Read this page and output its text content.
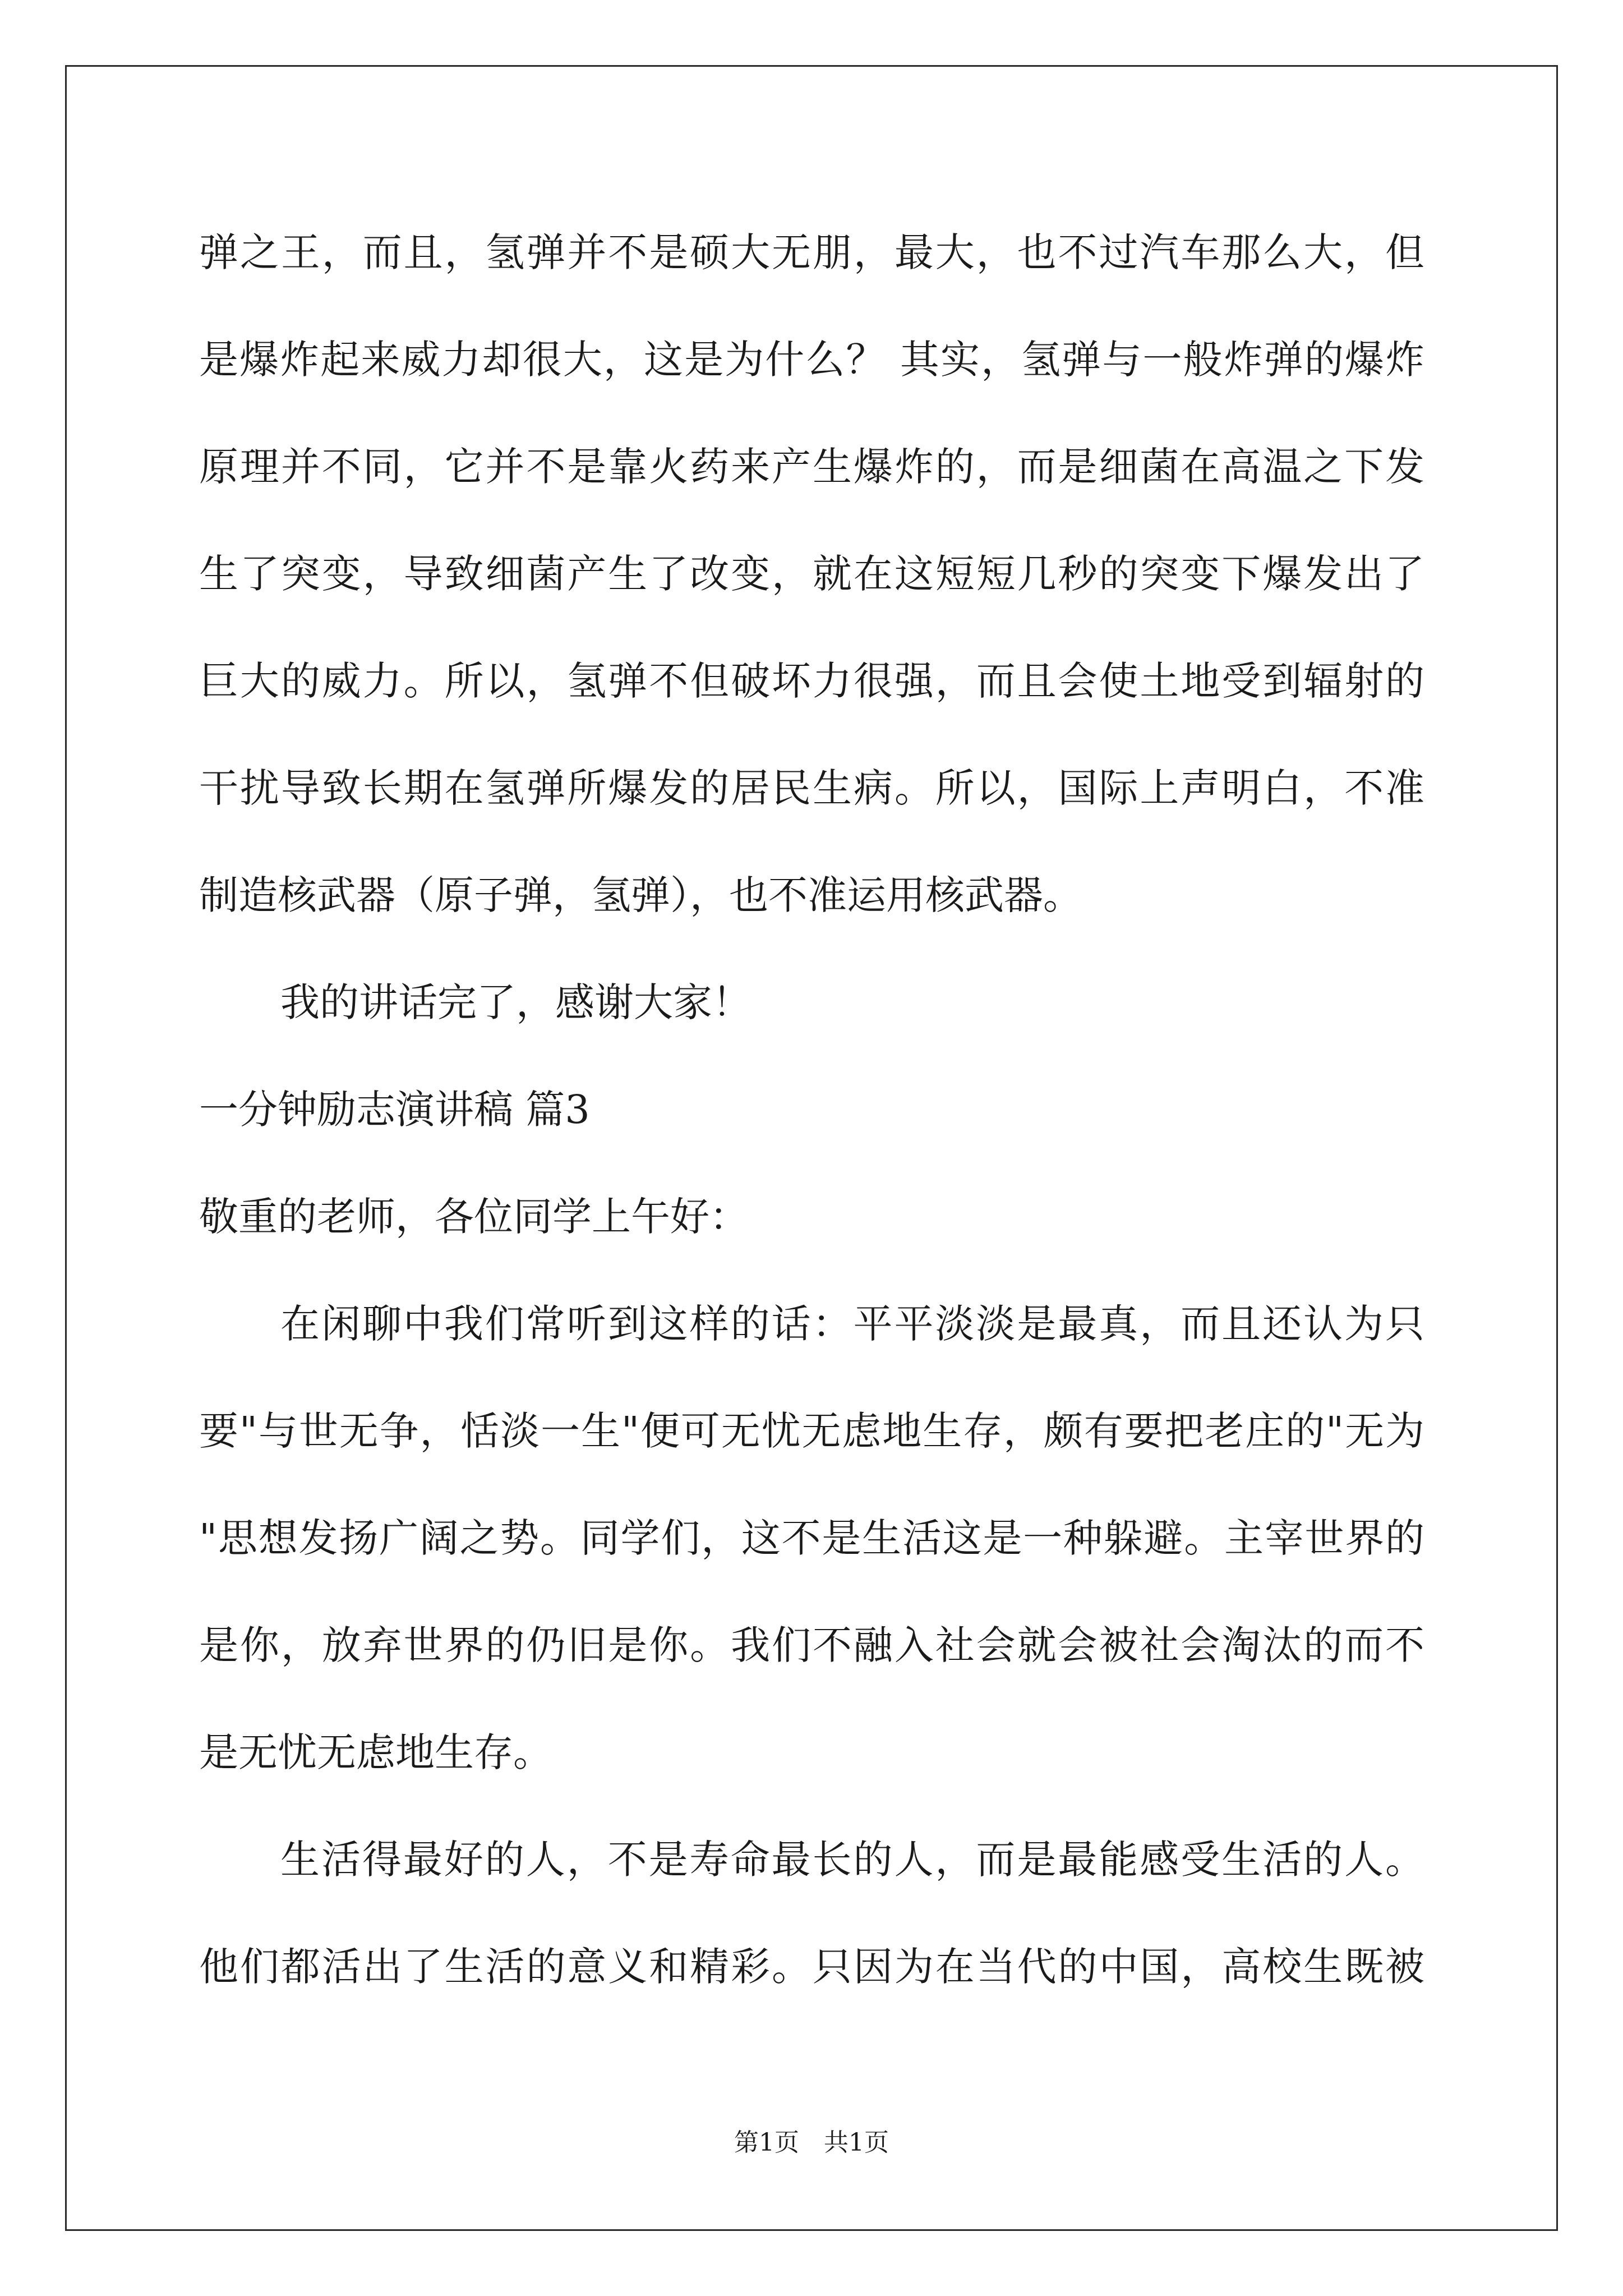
弹之王，而且，氢弹并不是硕大无朋，最大，也不过汽车那么大，但
是爆炸起来威力却很大，这是为什么？ 其实，氢弹与一般炸弹的爆炸
原理并不同，它并不是靠火药来产生爆炸的，而是细菌在高温之下发
生了突变，导致细菌产生了改变，就在这短短几秒的突变下爆发出了
巨大的威力。所以，氢弹不但破坏力很强，而且会使土地受到辐射的
干扰导致长期在氢弹所爆发的居民生病。所以，国际上声明白，不准
制造核武器（原子弹，氢弹），也不准运用核武器。
我的讲话完了，感谢大家！
一分钟励志演讲稿 篇3
敬重的老师，各位同学上午好：
在闲聊中我们常听到这样的话：平平淡淡是最真，而且还认为只
要"与世无争，恬淡一生"便可无忧无虑地生存，颇有要把老庄的"无为
"思想发扬广阔之势。同学们，这不是生活这是一种躲避。主宰世界的
是你，放弃世界的仍旧是你。我们不融入社会就会被社会淘汰的而不
是无忧无虑地生存。
生活得最好的人，不是寿命最长的人，而是最能感受生活的人。
他们都活出了生活的意义和精彩。只因为在当代的中国，高校生既被
第1页　共1页
